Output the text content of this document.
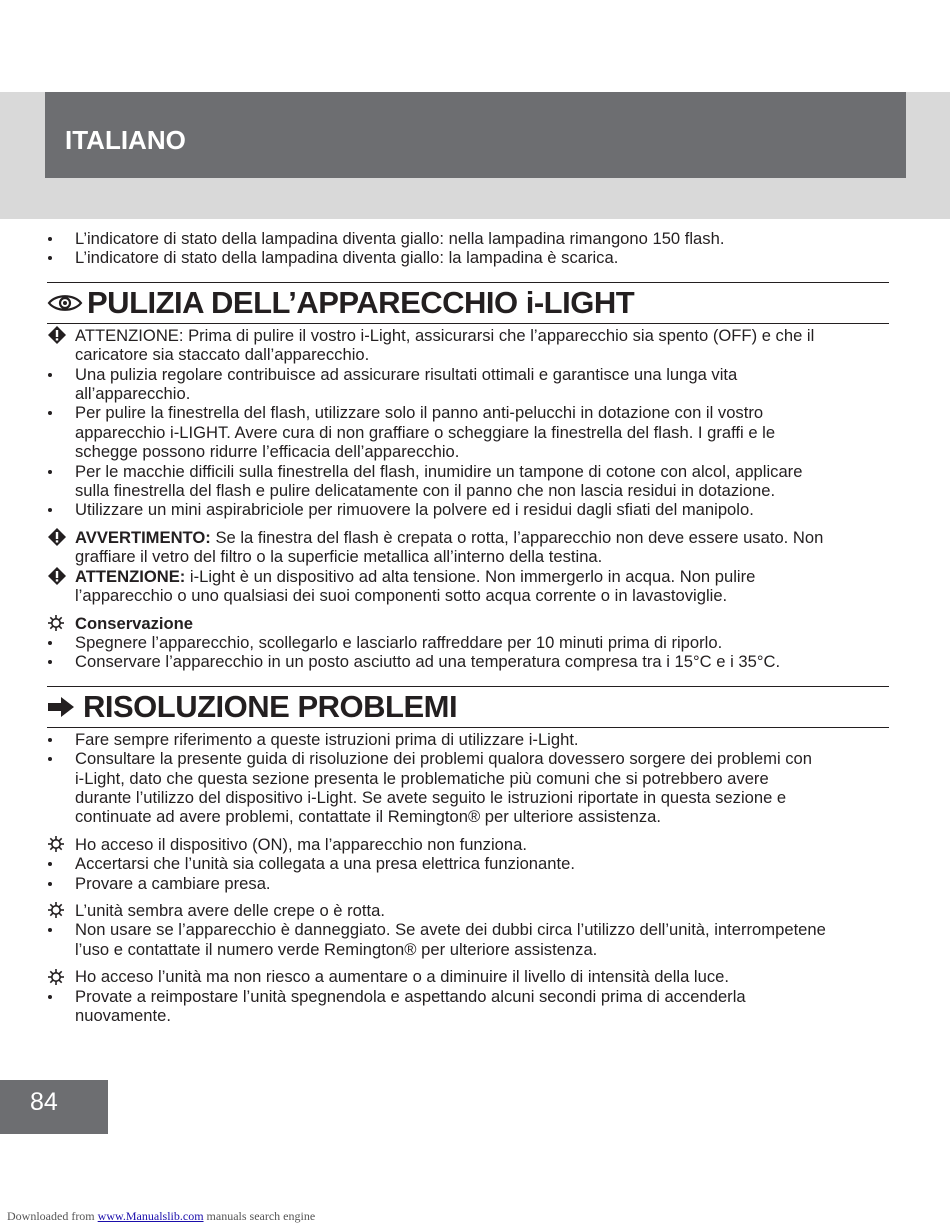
ITALIANO
L’indicatore di stato della lampadina diventa giallo: nella lampadina rimangono 150 flash.
L’indicatore di stato della lampadina diventa giallo: la lampadina è scarica.
PULIZIA DELL’APPARECCHIO i-LIGHT
ATTENZIONE: Prima di pulire il vostro i-Light, assicurarsi che l’apparecchio sia spento (OFF) e che il
caricatore sia staccato dall’apparecchio.
Una pulizia regolare contribuisce ad assicurare risultati ottimali e garantisce una lunga vita
all’apparecchio.
Per pulire la finestrella del flash, utilizzare solo il panno anti-pelucchi in dotazione con il vostro
apparecchio i-LIGHT. Avere cura di non graffiare o scheggiare la finestrella del flash. I graffi e le
schegge possono ridurre l’efficacia dell’apparecchio.
Per le macchie difficili sulla finestrella del flash, inumidire un tampone di cotone con alcol, applicare
sulla finestrella del flash e pulire delicatamente con il panno che non lascia residui in dotazione.
Utilizzare un mini aspirabriciole per rimuovere la polvere ed i residui dagli sfiati del manipolo.
AVVERTIMENTO: Se la finestra del flash è crepata o rotta, l’apparecchio non deve essere usato. Non
graffiare il vetro del filtro o la superficie metallica all’interno della testina.
ATTENZIONE: i-Light è un dispositivo ad alta tensione. Non immergerlo in acqua. Non pulire
l’apparecchio o uno qualsiasi dei suoi componenti sotto acqua corrente o in lavastoviglie.
Conservazione
Spegnere l’apparecchio, scollegarlo e lasciarlo raffreddare per 10 minuti prima di riporlo.
Conservare l’apparecchio in un posto asciutto ad una temperatura compresa tra i 15°C e i 35°C.
RISOLUZIONE PROBLEMI
Fare sempre riferimento a queste istruzioni prima di utilizzare i-Light.
Consultare la presente guida di risoluzione dei problemi qualora dovessero sorgere dei problemi con
i-Light, dato che questa sezione presenta le problematiche più comuni che si potrebbero avere
durante l’utilizzo del dispositivo i-Light. Se avete seguito le istruzioni riportate in questa sezione e
continuate ad avere problemi, contattate il Remington® per ulteriore assistenza.
Ho acceso il dispositivo (ON), ma l’apparecchio non funziona.
Accertarsi che l’unità sia collegata a una presa elettrica funzionante.
Provare a cambiare presa.
L’unità sembra avere delle crepe o è rotta.
Non usare se l’apparecchio è danneggiato. Se avete dei dubbi circa l’utilizzo dell’unità, interrompetene
l’uso e contattate il numero verde Remington® per ulteriore assistenza.
Ho acceso l’unità ma non riesco a aumentare o a diminuire il livello di intensità della luce.
Provate a reimpostare l’unità spegnendola e aspettando alcuni secondi prima di accenderla
nuovamente.
84
Downloaded from www.Manualslib.com manuals search engine
